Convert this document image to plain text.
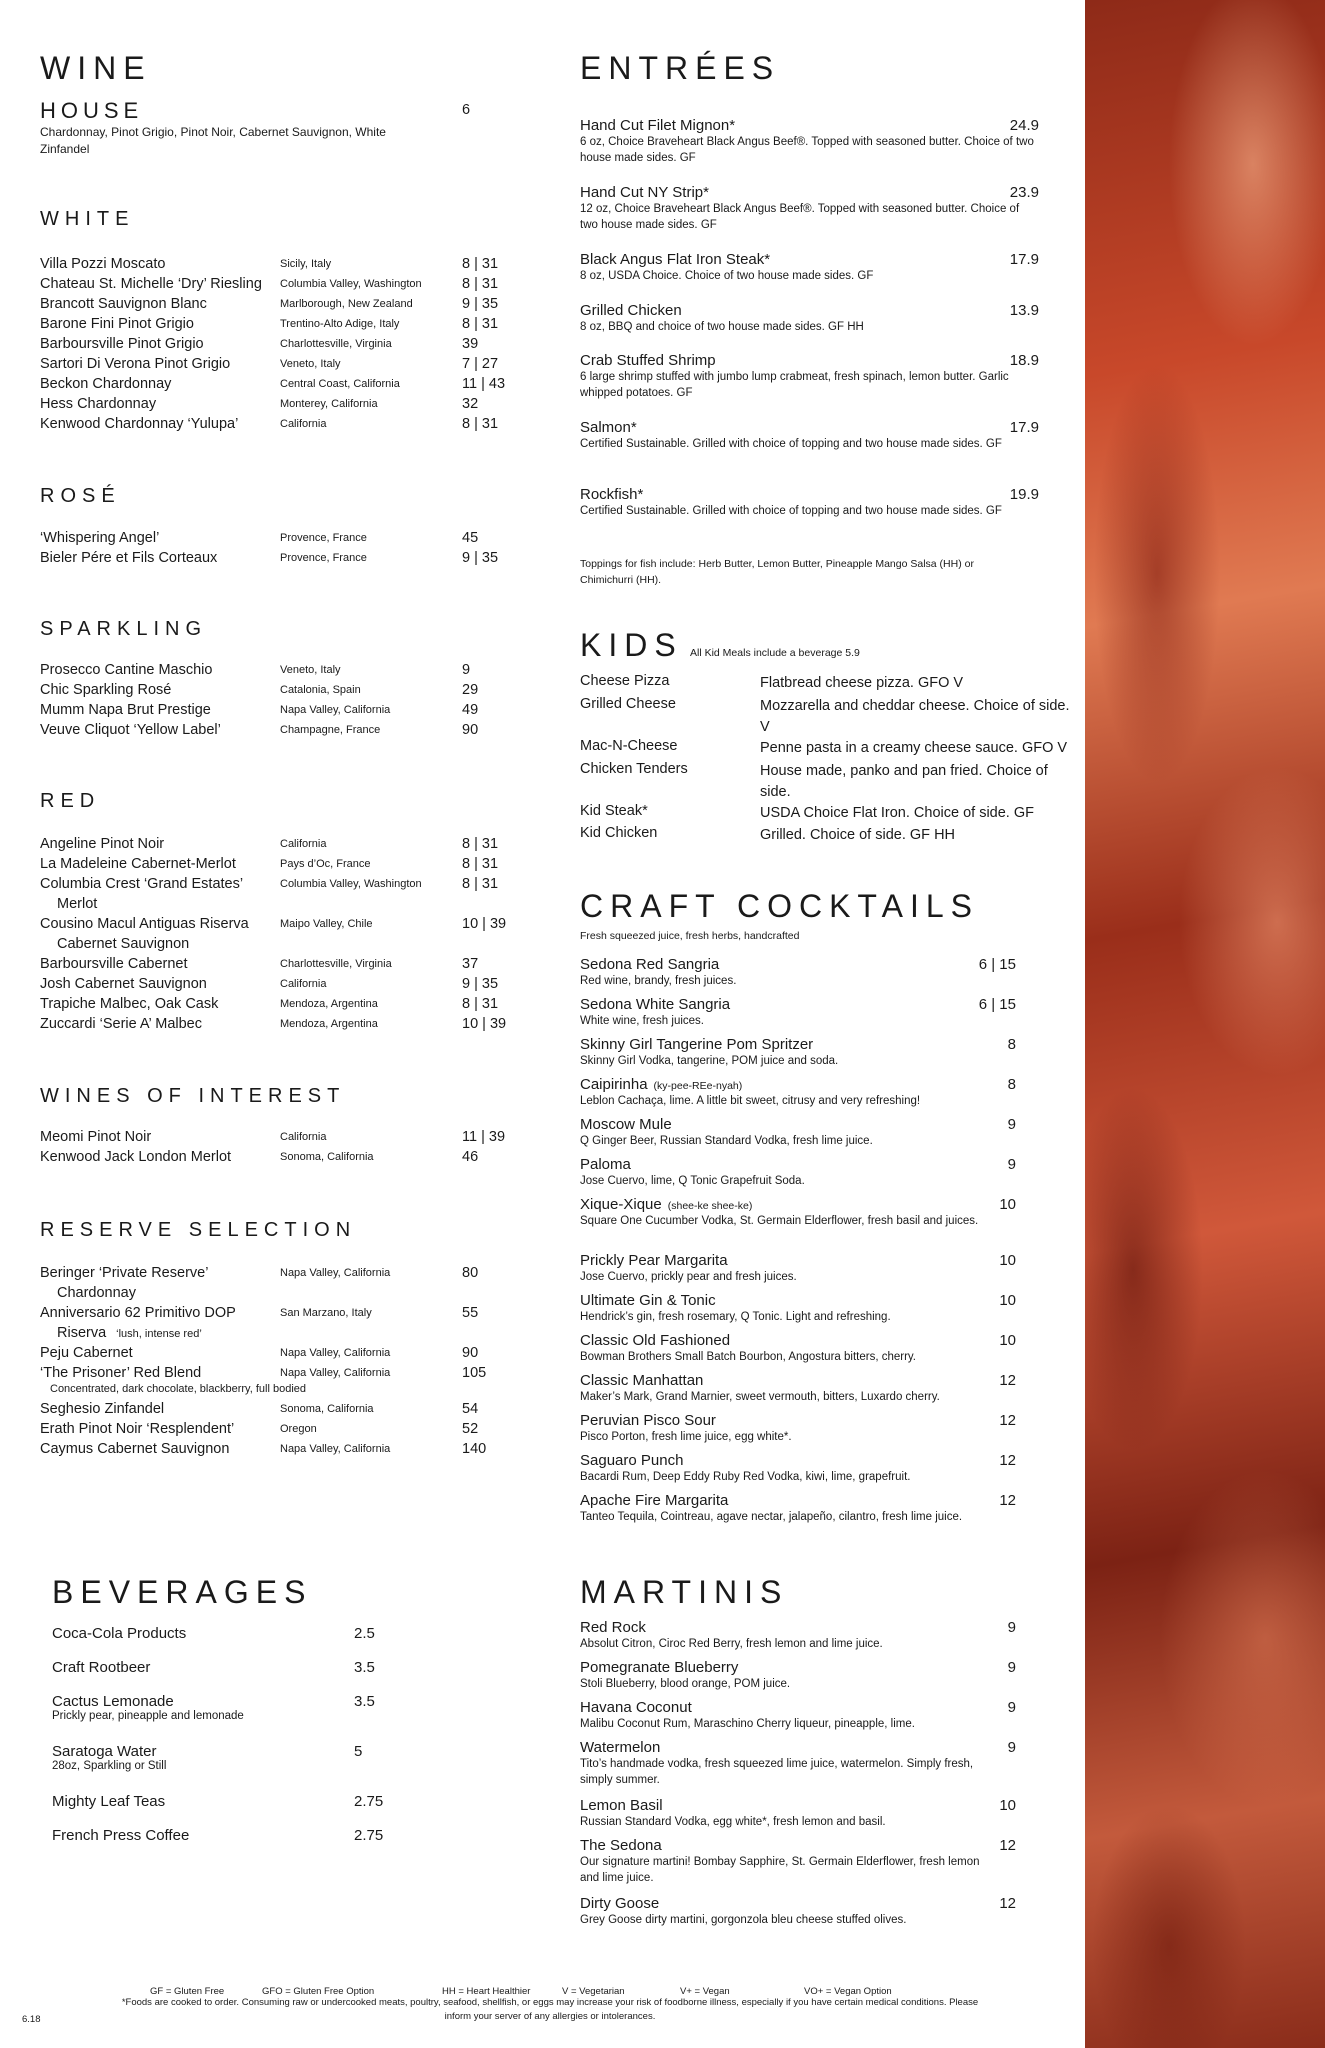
WINE
HOUSE	6
Chardonnay, Pinot Grigio, Pinot Noir, Cabernet Sauvignon, White Zinfandel
WHITE
Villa Pozzi Moscato	Sicily, Italy	8 | 31
Chateau St. Michelle ‘Dry’ Riesling	Columbia Valley, Washington	8 | 31
Brancott Sauvignon Blanc	Marlborough, New Zealand	9 | 35
Barone Fini Pinot Grigio	Trentino-Alto Adige, Italy	8 | 31
Barboursville Pinot Grigio	Charlottesville, Virginia	39
Sartori Di Verona Pinot Grigio	Veneto, Italy	7 | 27
Beckon Chardonnay	Central Coast, California	11 | 43
Hess Chardonnay	Monterey, California	32
Kenwood Chardonnay ‘Yulupa’	California	8 | 31
ROSÉ
‘Whispering Angel’	Provence, France	45
Bieler Pére et Fils Corteaux	Provence, France	9 | 35
SPARKLING
Prosecco Cantine Maschio	Veneto, Italy	9
Chic Sparkling Rosé	Catalonia, Spain	29
Mumm Napa Brut Prestige	Napa Valley, California	49
Veuve Cliquot ‘Yellow Label’	Champagne, France	90
RED
Angeline Pinot Noir	California	8 | 31
La Madeleine Cabernet-Merlot	Pays d’Oc, France	8 | 31
Columbia Crest ‘Grand Estates’	Columbia Valley, Washington	8 | 31
Merlot
Cousino Macul Antiguas Riserva	Maipo Valley, Chile	10 | 39
Cabernet Sauvignon
Barboursville Cabernet	Charlottesville, Virginia	37
Josh Cabernet Sauvignon	California	9 | 35
Trapiche Malbec, Oak Cask	Mendoza, Argentina	8 | 31
Zuccardi ‘Serie A’ Malbec	Mendoza, Argentina	10 | 39
WINES OF INTEREST
Meomi Pinot Noir	California	11 | 39
Kenwood Jack London Merlot	Sonoma, California	46
RESERVE SELECTION
Beringer ‘Private Reserve’	Napa Valley, California	80
Chardonnay
Anniversario 62 Primitivo DOP	San Marzano, Italy	55
Riserva ‘lush, intense red’
Peju Cabernet	Napa Valley, California	90
‘The Prisoner’ Red Blend	Napa Valley, California	105
Concentrated, dark chocolate, blackberry, full bodied
Seghesio Zinfandel	Sonoma, California	54
Erath Pinot Noir ‘Resplendent’	Oregon	52
Caymus Cabernet Sauvignon	Napa Valley, California	140
ENTRÉES
Hand Cut Filet Mignon*	24.9
6 oz, Choice Braveheart Black Angus Beef®. Topped with seasoned butter. Choice of two house made sides. GF
Hand Cut NY Strip*	23.9
12 oz, Choice Braveheart Black Angus Beef®. Topped with seasoned butter. Choice of two house made sides. GF
Black Angus Flat Iron Steak*	17.9
8 oz, USDA Choice. Choice of two house made sides. GF
Grilled Chicken	13.9
8 oz, BBQ and choice of two house made sides. GF HH
Crab Stuffed Shrimp	18.9
6 large shrimp stuffed with jumbo lump crabmeat, fresh spinach, lemon butter. Garlic whipped potatoes. GF
Salmon*	17.9
Certified Sustainable. Grilled with choice of topping and two house made sides. GF
Rockfish*	19.9
Certified Sustainable. Grilled with choice of topping and two house made sides. GF
Toppings for fish include: Herb Butter, Lemon Butter, Pineapple Mango Salsa (HH) or Chimichurri (HH).
KIDS All Kid Meals include a beverage 5.9
Cheese Pizza	Flatbread cheese pizza. GFO V
Grilled Cheese	Mozzarella and cheddar cheese. Choice of side. V
Mac-N-Cheese	Penne pasta in a creamy cheese sauce. GFO V
Chicken Tenders	House made, panko and pan fried. Choice of side.
Kid Steak*	USDA Choice Flat Iron. Choice of side. GF
Kid Chicken	Grilled. Choice of side. GF HH
CRAFT COCKTAILS
Fresh squeezed juice, fresh herbs, handcrafted
Sedona Red Sangria	6 | 15
Red wine, brandy, fresh juices.
Sedona White Sangria	6 | 15
White wine, fresh juices.
Skinny Girl Tangerine Pom Spritzer	8
Skinny Girl Vodka, tangerine, POM juice and soda.
Caipirinha (ky-pee-REe-nyah)	8
Leblon Cachaça, lime. A little bit sweet, citrusy and very refreshing!
Moscow Mule	9
Q Ginger Beer, Russian Standard Vodka, fresh lime juice.
Paloma	9
Jose Cuervo, lime, Q Tonic Grapefruit Soda.
Xique-Xique (shee-ke shee-ke)	10
Square One Cucumber Vodka, St. Germain Elderflower, fresh basil and juices.
Prickly Pear Margarita	10
Jose Cuervo, prickly pear and fresh juices.
Ultimate Gin & Tonic	10
Hendrick’s gin, fresh rosemary, Q Tonic. Light and refreshing.
Classic Old Fashioned	10
Bowman Brothers Small Batch Bourbon, Angostura bitters, cherry.
Classic Manhattan	12
Maker’s Mark, Grand Marnier, sweet vermouth, bitters, Luxardo cherry.
Peruvian Pisco Sour	12
Pisco Porton, fresh lime juice, egg white*.
Saguaro Punch	12
Bacardi Rum, Deep Eddy Ruby Red Vodka, kiwi, lime, grapefruit.
Apache Fire Margarita	12
Tanteo Tequila, Cointreau, agave nectar, jalapeño, cilantro, fresh lime juice.
BEVERAGES
Coca-Cola Products	2.5
Craft Rootbeer	3.5
Cactus Lemonade	3.5
Prickly pear, pineapple and lemonade
Saratoga Water	5
28oz, Sparkling or Still
Mighty Leaf Teas	2.75
French Press Coffee	2.75
MARTINIS
Red Rock	9
Absolut Citron, Ciroc Red Berry, fresh lemon and lime juice.
Pomegranate Blueberry	9
Stoli Blueberry, blood orange, POM juice.
Havana Coconut	9
Malibu Coconut Rum, Maraschino Cherry liqueur, pineapple, lime.
Watermelon	9
Tito’s handmade vodka, fresh squeezed lime juice, watermelon. Simply fresh, simply summer.
Lemon Basil	10
Russian Standard Vodka, egg white*, fresh lemon and basil.
The Sedona	12
Our signature martini! Bombay Sapphire, St. Germain Elderflower, fresh lemon and lime juice.
Dirty Goose	12
Grey Goose dirty martini, gorgonzola bleu cheese stuffed olives.
GF = Gluten Free	GFO = Gluten Free Option	HH = Heart Healthier	V = Vegetarian	V+ = Vegan	VO+ = Vegan Option
*Foods are cooked to order. Consuming raw or undercooked meats, poultry, seafood, shellfish, or eggs may increase your risk of foodborne illness, especially if you have certain medical conditions. Please inform your server of any allergies or intolerances.
6.18
